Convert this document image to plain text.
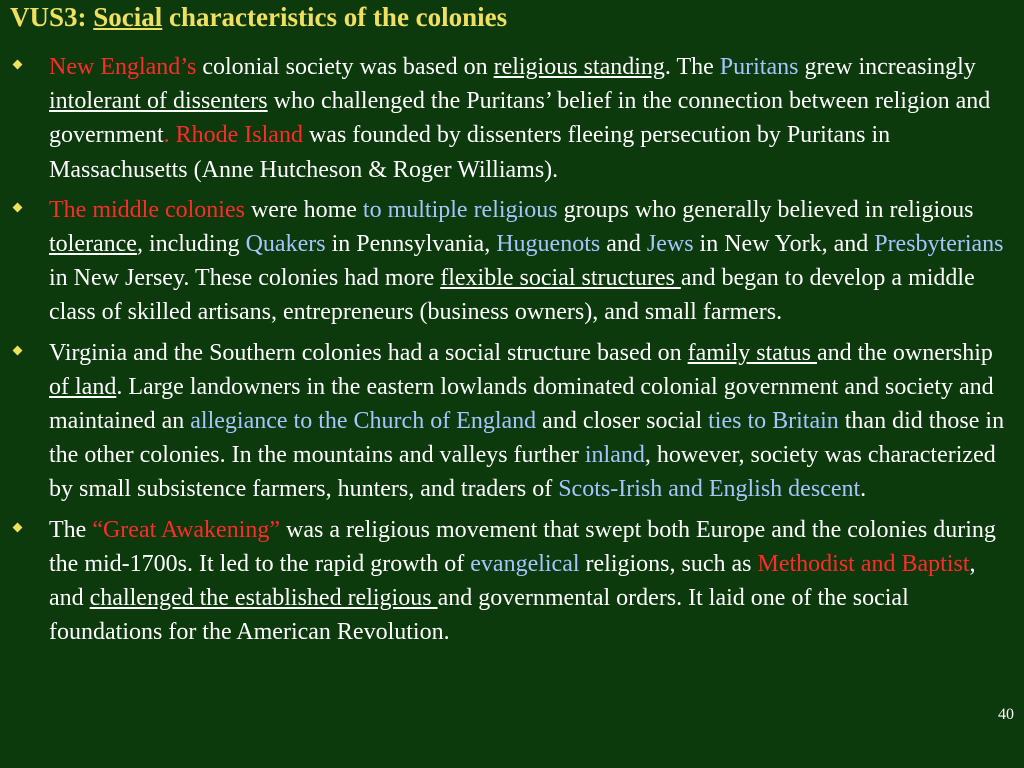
VUS3: Social characteristics of the colonies
New England’s colonial society was based on religious standing. The Puritans grew increasingly intolerant of dissenters who challenged the Puritans’ belief in the connection between religion and government. Rhode Island was founded by dissenters fleeing persecution by Puritans in Massachusetts (Anne Hutcheson & Roger Williams).
The middle colonies were home to multiple religious groups who generally believed in religious tolerance, including Quakers in Pennsylvania, Huguenots and Jews in New York, and Presbyterians in New Jersey. These colonies had more flexible social structures and began to develop a middle class of skilled artisans, entrepreneurs (business owners), and small farmers.
Virginia and the Southern colonies had a social structure based on family status and the ownership of land. Large landowners in the eastern lowlands dominated colonial government and society and maintained an allegiance to the Church of England and closer social ties to Britain than did those in the other colonies. In the mountains and valleys further inland, however, society was characterized by small subsistence farmers, hunters, and traders of Scots-Irish and English descent.
The “Great Awakening” was a religious movement that swept both Europe and the colonies during the mid-1700s. It led to the rapid growth of evangelical religions, such as Methodist and Baptist, and challenged the established religious and governmental orders. It laid one of the social foundations for the American Revolution.
40
